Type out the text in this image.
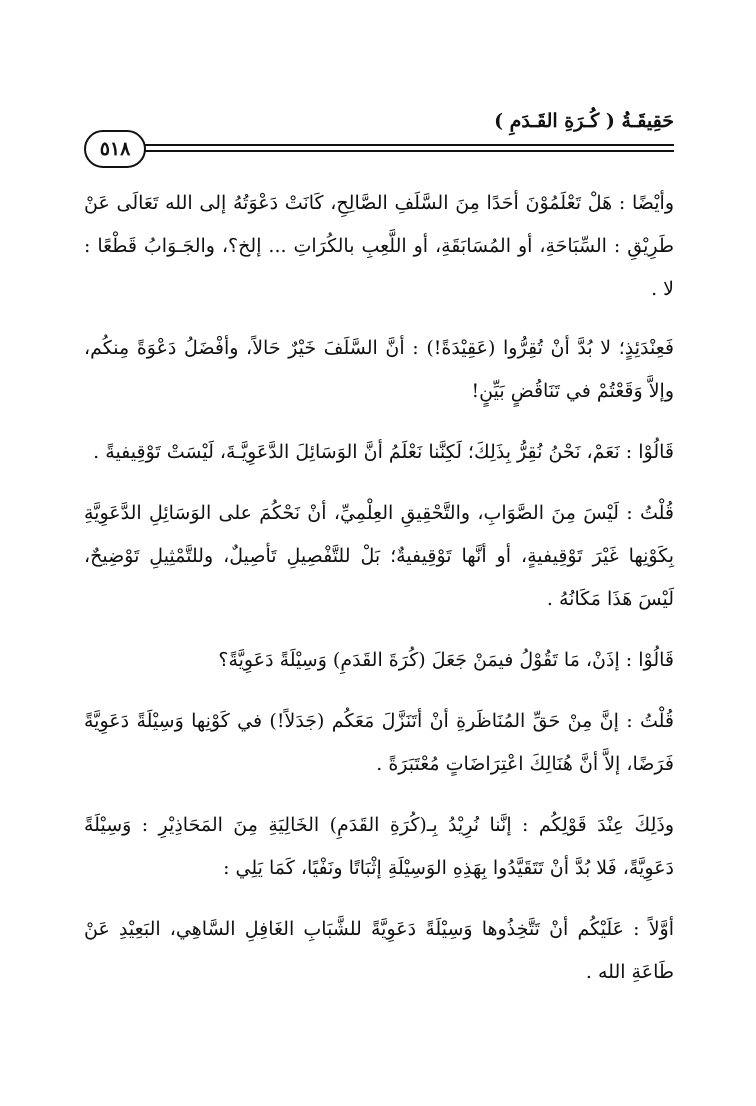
حَقِيقَـةُ ( كُـرَةِ القَـدَمِ )
٥١٨

وأيْضًا : هَلْ تَعْلَمُوْنَ أحَدًا مِنَ السَّلَفِ الصَّالِحِ، كَانَتْ دَعْوَتُهُ إلى الله تَعَالَى عَنْ طَرِيْقِ : السِّبَاحَةِ، أو المُسَابَقَةِ، أو اللَّعِبِ بالكُرَاتِ ... إلخ؟، والجَـوَابُ قَطْعًا : لا .

فَعِنْدَئِذٍ؛ لا بُدَّ أنْ تُقِرُّوا (عَقِيْدَةً!) : أنَّ السَّلَفَ خَيْرٌ حَالاً، وأفْضَلُ دَعْوَةً مِنكُم، وإلاَّ وَقَعْتُمْ في تَنَاقُضٍ بَيِّنٍ!

قَالُوْا : نَعَمْ، نَحْنُ نُقِرُّ بِذَلِكَ؛ لَكِنَّنا نَعْلَمُ أنَّ الوَسَائِلَ الدَّعَوِيَّـةَ، لَيْسَتْ تَوْقِيفيةً .

قُلْتُ : لَيْسَ مِنَ الصَّوَابِ، والتَّحْقِيقِ العِلْمِيِّ، أنْ نَحْكُمَ على الوَسَائِلِ الدَّعَوِيَّةِ بِكَوْنِها غَيْرَ تَوْقِيفيةٍ، أو أنَّها تَوْقِيفيةٌ؛ بَلْ للتَّفْصِيلِ تَأصِيلٌ، وللتَّمْثِيلِ تَوْضِيحٌ، لَيْسَ هَذَا مَكَانُهُ .

قَالُوْا : إذَنْ، مَا تَقُوْلُ فيمَنْ جَعَلَ (كُرَةَ القَدَمِ) وَسِيْلَةً دَعَوِيَّةً؟

قُلْتُ : إنَّ مِنْ حَقِّ المُنَاظَرةِ أنْ أتَنَزَّلَ مَعَكُم (جَدَلاً!) في كَوْنِها وَسِيْلَةً دَعَوِيَّةً فَرَضًا، إلاَّ أنَّ هُنَالِكَ اعْتِرَاضَاتٍ مُعْتَبَرَةً .

وذَلِكَ عِنْدَ قَوْلِكُم : إنَّنا نُرِيْدُ بِـ(كُرَةِ القَدَمِ) الخَالِيَةِ مِنَ المَحَاذِيْرِ : وَسِيْلَةً دَعَوِيَّةً، فَلا بُدَّ أنْ تَتَقَيَّدُوا بِهَذِهِ الوَسِيْلَةِ إثْبَاتًا ونَفْيًا، كَمَا يَلِي :

أوَّلاً : عَلَيْكُم أنْ تَتَّخِذُوها وَسِيْلَةً دَعَوِيَّةً للشَّبَابِ الغَافِلِ السَّاهِي، البَعِيْدِ عَنْ طَاعَةِ الله .
